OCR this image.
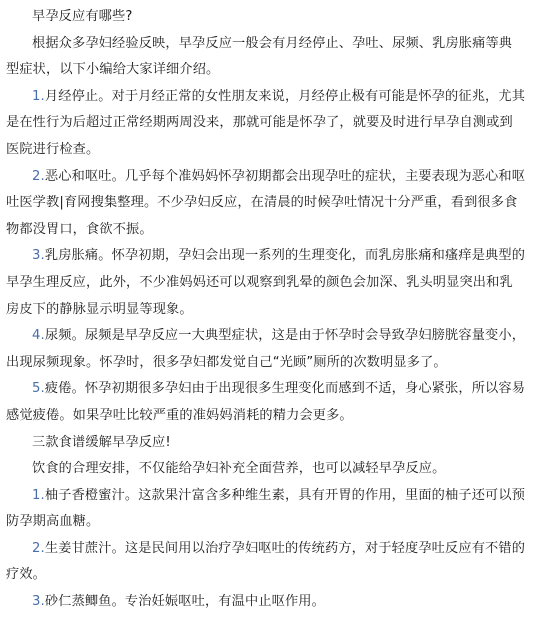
早孕反应有哪些?
根据众多孕妇经验反映，早孕反应一般会有月经停止、孕吐、尿频、乳房胀痛等典
型症状，以下小编给大家详细介绍。
1.月经停止。对于月经正常的女性朋友来说，月经停止极有可能是怀孕的征兆，尤其
是在性行为后超过正常经期两周没来，那就可能是怀孕了，就要及时进行早孕自测或到
医院进行检查。
2.恶心和呕吐。几乎每个准妈妈怀孕初期都会出现孕吐的症状，主要表现为恶心和呕
吐医学教|育网搜集整理。不少孕妇反应，在清晨的时候孕吐情况十分严重，看到很多食
物都没胃口，食欲不振。
3.乳房胀痛。怀孕初期，孕妇会出现一系列的生理变化，而乳房胀痛和瘙痒是典型的
早孕生理反应，此外，不少准妈妈还可以观察到乳晕的颜色会加深、乳头明显突出和乳
房皮下的静脉显示明显等现象。
4.尿频。尿频是早孕反应一大典型症状，这是由于怀孕时会导致孕妇膀胱容量变小，
出现尿频现象。怀孕时，很多孕妇都发觉自己“光顾”厕所的次数明显多了。
5.疲倦。怀孕初期很多孕妇由于出现很多生理变化而感到不适，身心紧张，所以容易
感觉疲倦。如果孕吐比较严重的准妈妈消耗的精力会更多。
三款食谱缓解早孕反应!
饮食的合理安排，不仅能给孕妇补充全面营养，也可以减轻早孕反应。
1.柚子香橙蜜汁。这款果汁富含多种维生素，具有开胃的作用，里面的柚子还可以预
防孕期高血糖。
2.生姜甘蔗汁。这是民间用以治疗孕妇呕吐的传统药方，对于轻度孕吐反应有不错的
疗效。
3.砂仁蒸鲫鱼。专治妊娠呕吐，有温中止呕作用。
